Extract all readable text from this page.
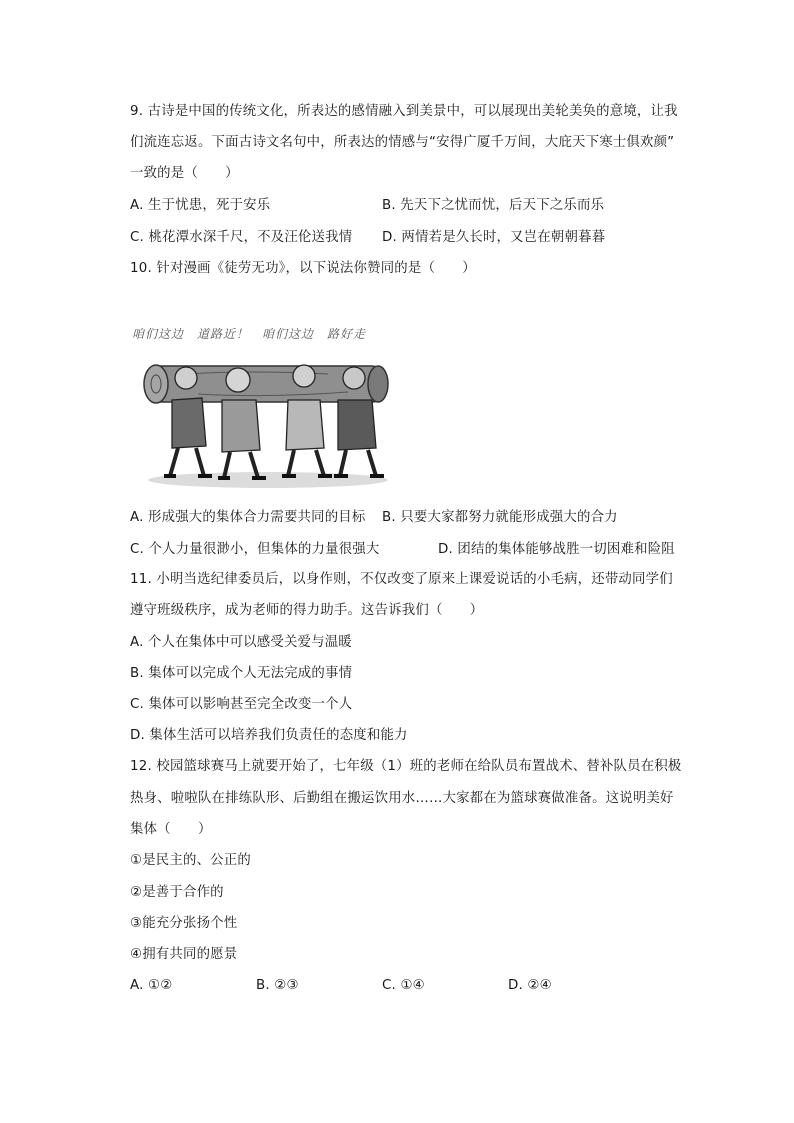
9. 古诗是中国的传统文化，所表达的感情融入到美景中，可以展现出美轮美奂的意境，让我
们流连忘返。下面古诗文名句中，所表达的情感与“安得广厦千万间，大庇天下寒士俱欢颜”
一致的是（　　）
A. 生于忧患，死于安乐	B. 先天下之忧而忧，后天下之乐而乐
C. 桃花潭水深千尺，不及汪伦送我情 D. 两情若是久长时，又岂在朝朝暮暮
10. 针对漫画《徒劳无功》，以下说法你赞同的是（　　）
咱们这边　道路近！　咱们这边　路好走
A. 形成强大的集体合力需要共同的目标 B. 只要大家都努力就能形成强大的合力
C. 个人力量很渺小，但集体的力量很强大	D. 团结的集体能够战胜一切困难和险阻
11. 小明当选纪律委员后，以身作则，不仅改变了原来上课爱说话的小毛病，还带动同学们
遵守班级秩序，成为老师的得力助手。这告诉我们（　　）
A. 个人在集体中可以感受关爱与温暖
B. 集体可以完成个人无法完成的事情
C. 集体可以影响甚至完全改变一个人
D. 集体生活可以培养我们负责任的态度和能力
12. 校园篮球赛马上就要开始了，七年级（1）班的老师在给队员布置战术、替补队员在积极
热身、啦啦队在排练队形、后勤组在搬运饮用水……大家都在为篮球赛做准备。这说明美好
集体（　　）
①是民主的、公正的
②是善于合作的
③能充分张扬个性
④拥有共同的愿景
A. ①②	B. ②③	C. ①④	D. ②④
